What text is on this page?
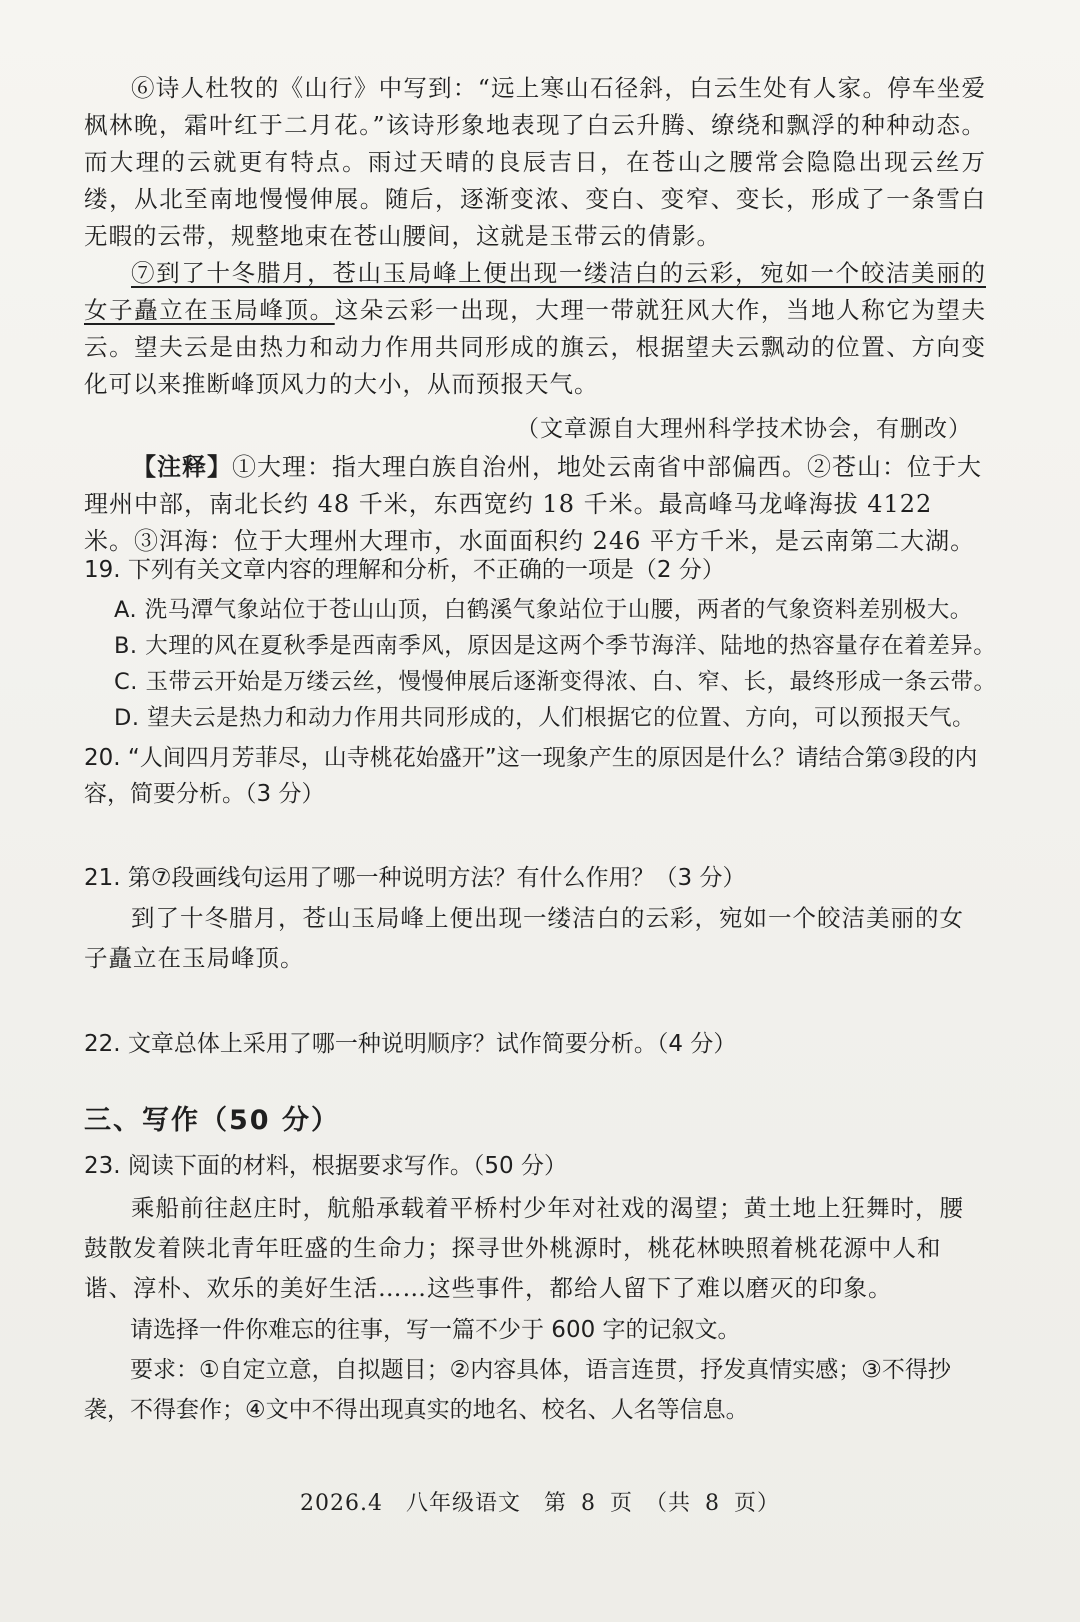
⑥诗人杜牧的《山行》中写到：“远上寒山石径斜，白云生处有人家。停车坐爱枫林晚，霜叶红于二月花。”该诗形象地表现了白云升腾、缭绕和飘浮的种种动态。而大理的云就更有特点。雨过天晴的良辰吉日，在苍山之腰常会隐隐出现云丝万缕，从北至南地慢慢伸展。随后，逐渐变浓、变白、变窄、变长，形成了一条雪白无暇的云带，规整地束在苍山腰间，这就是玉带云的倩影。

⑦到了十冬腊月，苍山玉局峰上便出现一缕洁白的云彩，宛如一个皎洁美丽的女子矗立在玉局峰顶。这朵云彩一出现，大理一带就狂风大作，当地人称它为望夫云。望夫云是由热力和动力作用共同形成的旗云，根据望夫云飘动的位置、方向变化可以来推断峰顶风力的大小，从而预报天气。

（文章源自大理州科学技术协会，有删改）

【注释】①大理：指大理白族自治州，地处云南省中部偏西。②苍山：位于大理州中部，南北长约 48 千米，东西宽约 18 千米。最高峰马龙峰海拔 4122 米。③洱海：位于大理州大理市，水面面积约 246 平方千米，是云南第二大湖。

19. 下列有关文章内容的理解和分析，不正确的一项是（2 分）

A. 洗马潭气象站位于苍山山顶，白鹤溪气象站位于山腰，两者的气象资料差别极大。

B. 大理的风在夏秋季是西南季风，原因是这两个季节海洋、陆地的热容量存在着差异。

C. 玉带云开始是万缕云丝，慢慢伸展后逐渐变得浓、白、窄、长，最终形成一条云带。

D. 望夫云是热力和动力作用共同形成的，人们根据它的位置、方向，可以预报天气。

20. “人间四月芳菲尽，山寺桃花始盛开”这一现象产生的原因是什么？请结合第③段的内容，简要分析。（3 分）

21. 第⑦段画线句运用了哪一种说明方法？有什么作用？（3 分）

到了十冬腊月，苍山玉局峰上便出现一缕洁白的云彩，宛如一个皎洁美丽的女子矗立在玉局峰顶。

22. 文章总体上采用了哪一种说明顺序？试作简要分析。（4 分）

三、写作（50 分）

23. 阅读下面的材料，根据要求写作。（50 分）

乘船前往赵庄时，航船承载着平桥村少年对社戏的渴望；黄土地上狂舞时，腰鼓散发着陕北青年旺盛的生命力；探寻世外桃源时，桃花林映照着桃花源中人和谐、淳朴、欢乐的美好生活……这些事件，都给人留下了难以磨灭的印象。

请选择一件你难忘的往事，写一篇不少于 600 字的记叙文。

要求：①自定立意，自拟题目；②内容具体，语言连贯，抒发真情实感；③不得抄袭，不得套作；④文中不得出现真实的地名、校名、人名等信息。

2026.4　八年级语文　第 8 页　（共 8 页）
